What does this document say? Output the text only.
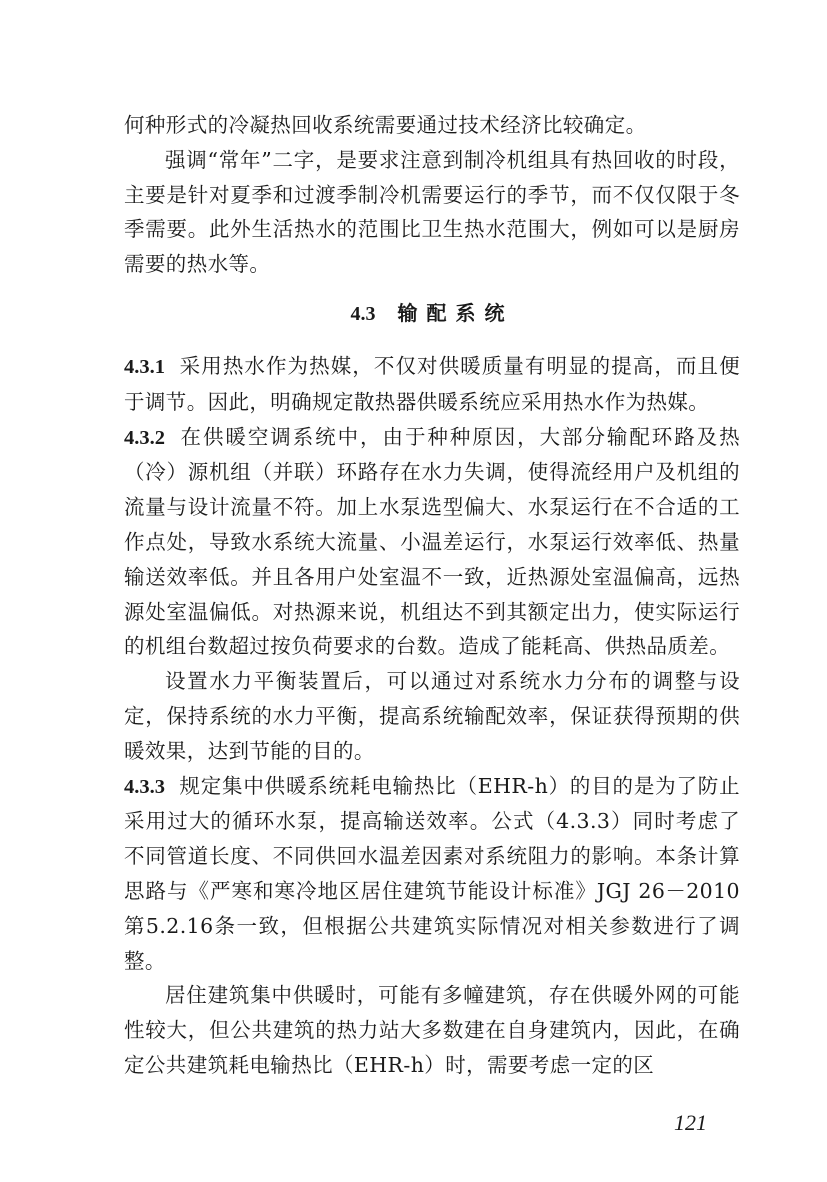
何种形式的冷凝热回收系统需要通过技术经济比较确定。

强调“常年”二字，是要求注意到制冷机组具有热回收的时段，主要是针对夏季和过渡季制冷机需要运行的季节，而不仅仅限于冬季需要。此外生活热水的范围比卫生热水范围大，例如可以是厨房需要的热水等。

4.3 输配系统

4.3.1 采用热水作为热媒，不仅对供暖质量有明显的提高，而且便于调节。因此，明确规定散热器供暖系统应采用热水作为热媒。

4.3.2 在供暖空调系统中，由于种种原因，大部分输配环路及热（冷）源机组（并联）环路存在水力失调，使得流经用户及机组的流量与设计流量不符。加上水泵选型偏大、水泵运行在不合适的工作点处，导致水系统大流量、小温差运行，水泵运行效率低、热量输送效率低。并且各用户处室温不一致，近热源处室温偏高，远热源处室温偏低。对热源来说，机组达不到其额定出力，使实际运行的机组台数超过按负荷要求的台数。造成了能耗高、供热品质差。

设置水力平衡装置后，可以通过对系统水力分布的调整与设定，保持系统的水力平衡，提高系统输配效率，保证获得预期的供暖效果，达到节能的目的。

4.3.3 规定集中供暖系统耗电输热比（EHR-h）的目的是为了防止采用过大的循环水泵，提高输送效率。公式（4.3.3）同时考虑了不同管道长度、不同供回水温差因素对系统阻力的影响。本条计算思路与《严寒和寒冷地区居住建筑节能设计标准》JGJ 26－2010第5.2.16条一致，但根据公共建筑实际情况对相关参数进行了调整。

居住建筑集中供暖时，可能有多幢建筑，存在供暖外网的可能性较大，但公共建筑的热力站大多数建在自身建筑内，因此，在确定公共建筑耗电输热比（EHR-h）时，需要考虑一定的区

121
